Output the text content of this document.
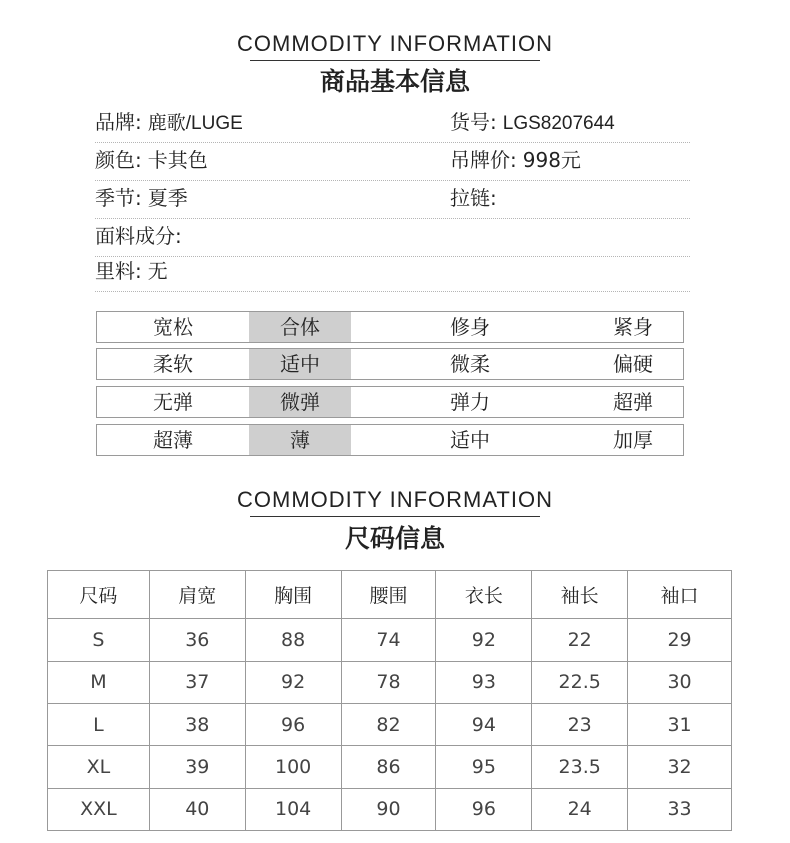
COMMODITY INFORMATION
商品基本信息
品牌: 鹿歌/LUGE	货号: LGS8207644
颜色: 卡其色	吊牌价: 998元
季节: 夏季	拉链:
面料成分:
里料: 无
宽松	合体	修身	紧身
柔软	适中	微柔	偏硬
无弹	微弹	弹力	超弹
超薄	薄	适中	加厚
COMMODITY INFORMATION
尺码信息
尺码	肩宽	胸围	腰围	衣长	袖长	袖口
S	36	88	74	92	22	29
M	37	92	78	93	22.5	30
L	38	96	82	94	23	31
XL	39	100	86	95	23.5	32
XXL	40	104	90	96	24	33
